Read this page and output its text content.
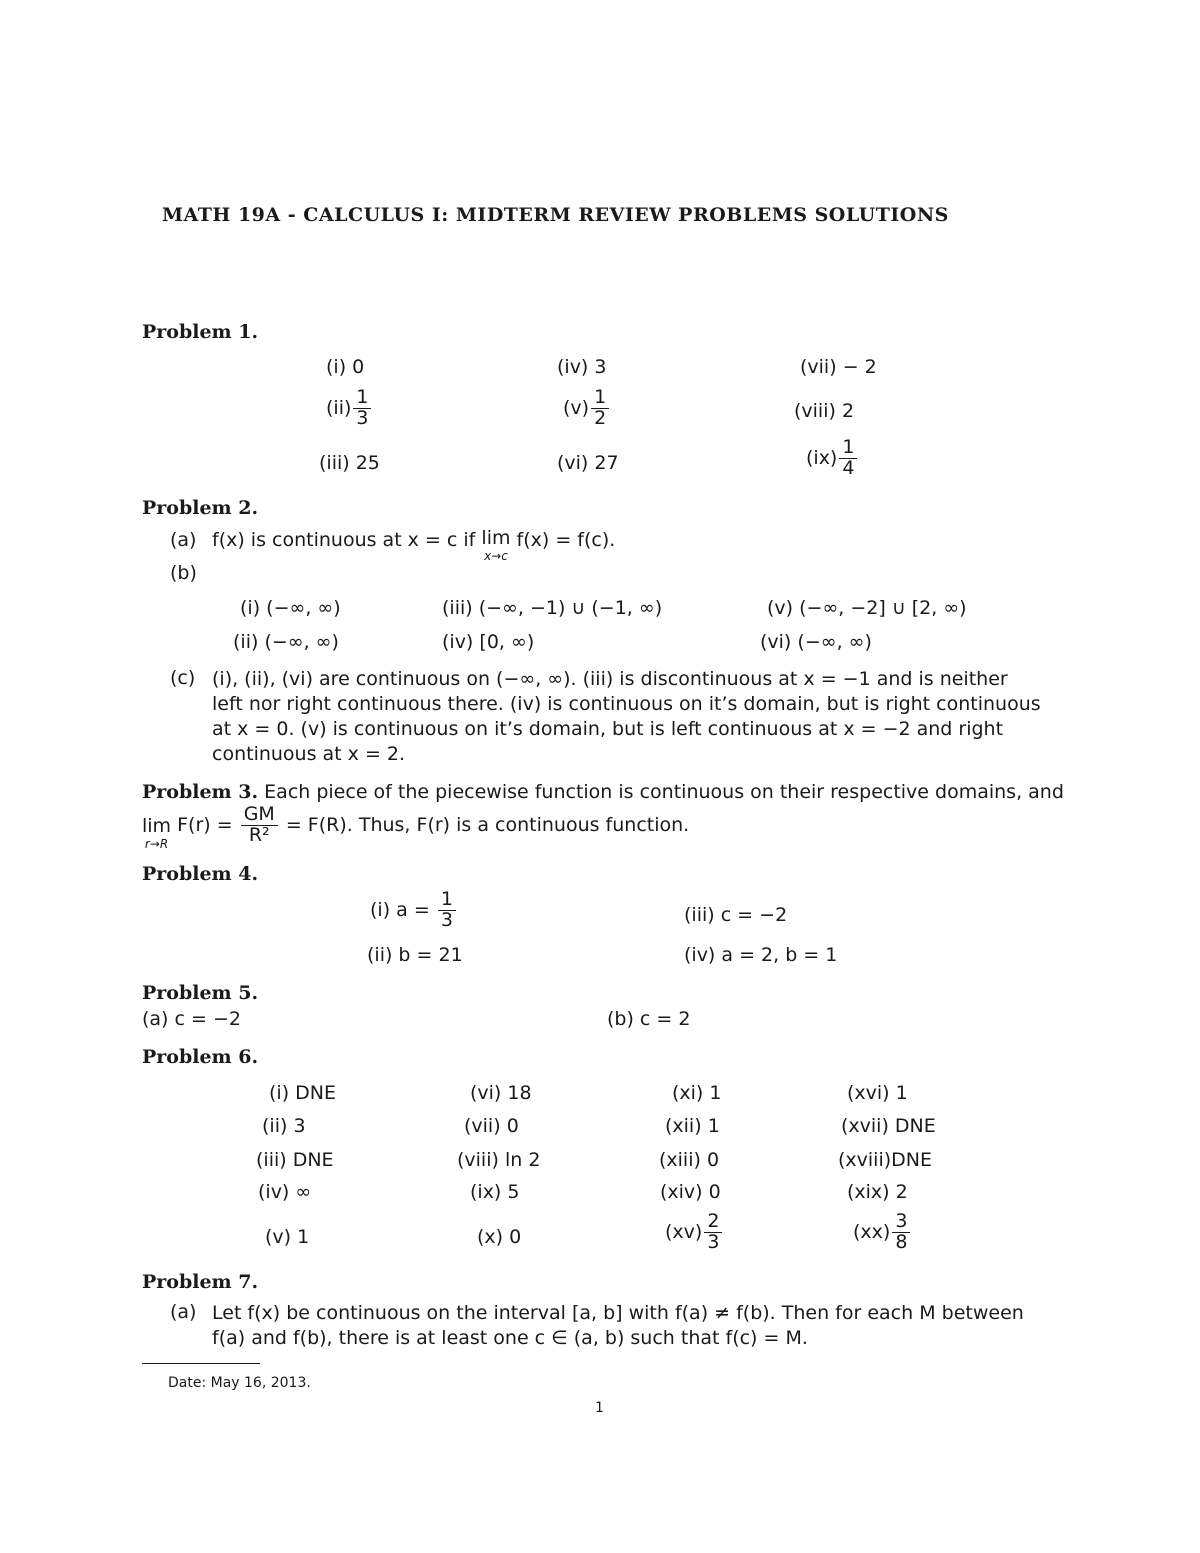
MATH 19A - CALCULUS I: MIDTERM REVIEW PROBLEMS SOLUTIONS
Problem 1.
(i) 0
$(ii) \frac{1}{3}$
(iii) 25
(iv) 3
$(v) \frac{1}{2}$
(vi) 27
(vii) − 2
(viii) 2
$(ix) \frac{1}{4}$
Problem 2.
(a) f(x) is continuous at x = c if lim
x→c
f(x) = f(c).
(b)
(i) (−∞, ∞)
(ii) (−∞, ∞)
(iii) (−∞, −1) ∪ (−1, ∞)
(iv) [0, ∞)
(v) (−∞, −2] ∪ [2, ∞)
(vi) (−∞, ∞)
(c) (i), (ii), (vi) are continuous on (−∞, ∞). (iii) is discontinuous at x = −1 and is neither
left nor right continuous there. (iv) is continuous on it’s domain, but is right continuous
at x = 0. (v) is continuous on it’s domain, but is left continuous at x = −2 and right
continuous at x = 2.
Problem 3. Each piece of the piecewise function is continuous on their respective domains, and
lim
r→R
$F(r) = \frac{GM}{\text{R²}} = F(R)$. Thus, F(r) is a continuous function.
Problem 4.
(i) $a = \frac{1}{3}$
(ii) b = 21
(iii) c = −2
(iv) a = 2, b = 1
Problem 5.
(a) c = −2	(b) c = 2
Problem 6.
(i) DNE
(ii) 3
(iii) DNE
(iv) ∞
(v) 1
(vi) 18
(vii) 0
(viii) ln 2
(ix) 5
(x) 0
(xi) 1
(xii) 1
(xiii) 0
(xiv) 0
$(xv) \frac{2}{3}$
(xvi) 1
(xvii) DNE
(xviii)DNE
(xix) 2
$(xx) \frac{3}{8}$
Problem 7.
(a) Let f(x) be continuous on the interval [a, b] with f(a) ≠ f(b). Then for each M between
f(a) and f(b), there is at least one c ∈ (a, b) such that f(c) = M.
Date: May 16, 2013.
1
